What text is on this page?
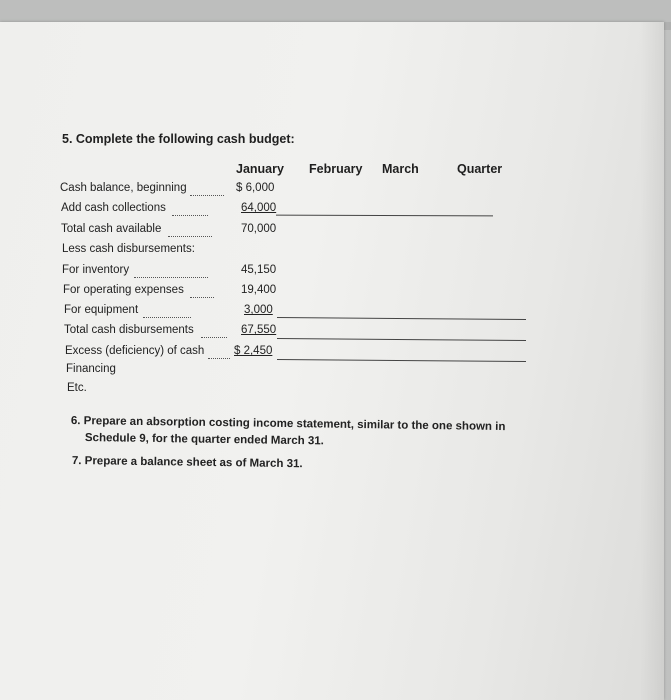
5. Complete the following cash budget:
January February March	Quarter
Cash balance, beginning
Add cash collections
Total cash available
Less cash disbursements:
For inventory
For operating expenses
For equipment
Total cash disbursements
Excess (deficiency) of cash
Financing
Etc.
$ 6,000
64,000
70,000
45,150
19,400
3,000
67,550
$ 2,450
6. Prepare an absorption costing income statement, similar to the one shown in
Schedule 9, for the quarter ended March 31.
7. Prepare a balance sheet as of March 31.
